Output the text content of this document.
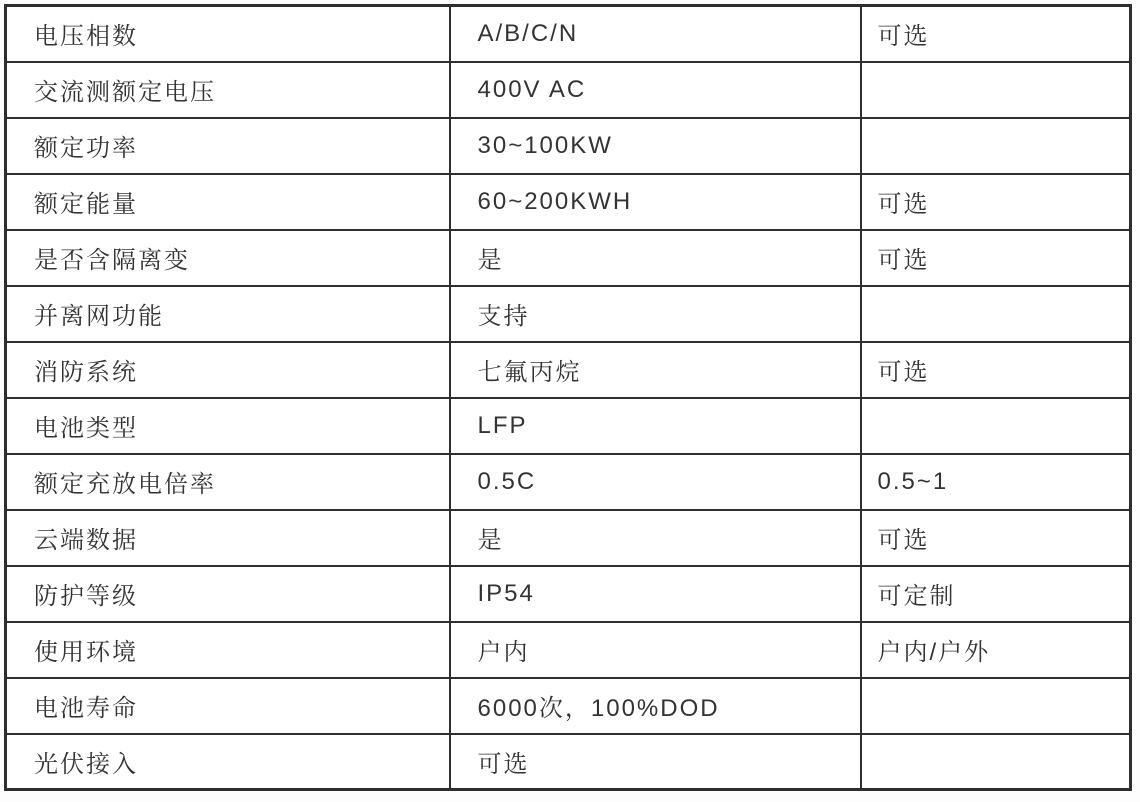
电压相数	A/B/C/N	可选
交流测额定电压	400V AC	
额定功率	30~100KW	
额定能量	60~200KWH	可选
是否含隔离变	是	可选
并离网功能	支持	
消防系统	七氟丙烷	可选
电池类型	LFP	
额定充放电倍率	0.5C	0.5~1
云端数据	是	可选
防护等级	IP54	可定制
使用环境	户内	户内/户外
电池寿命	6000次，100%DOD	
光伏接入	可选	
